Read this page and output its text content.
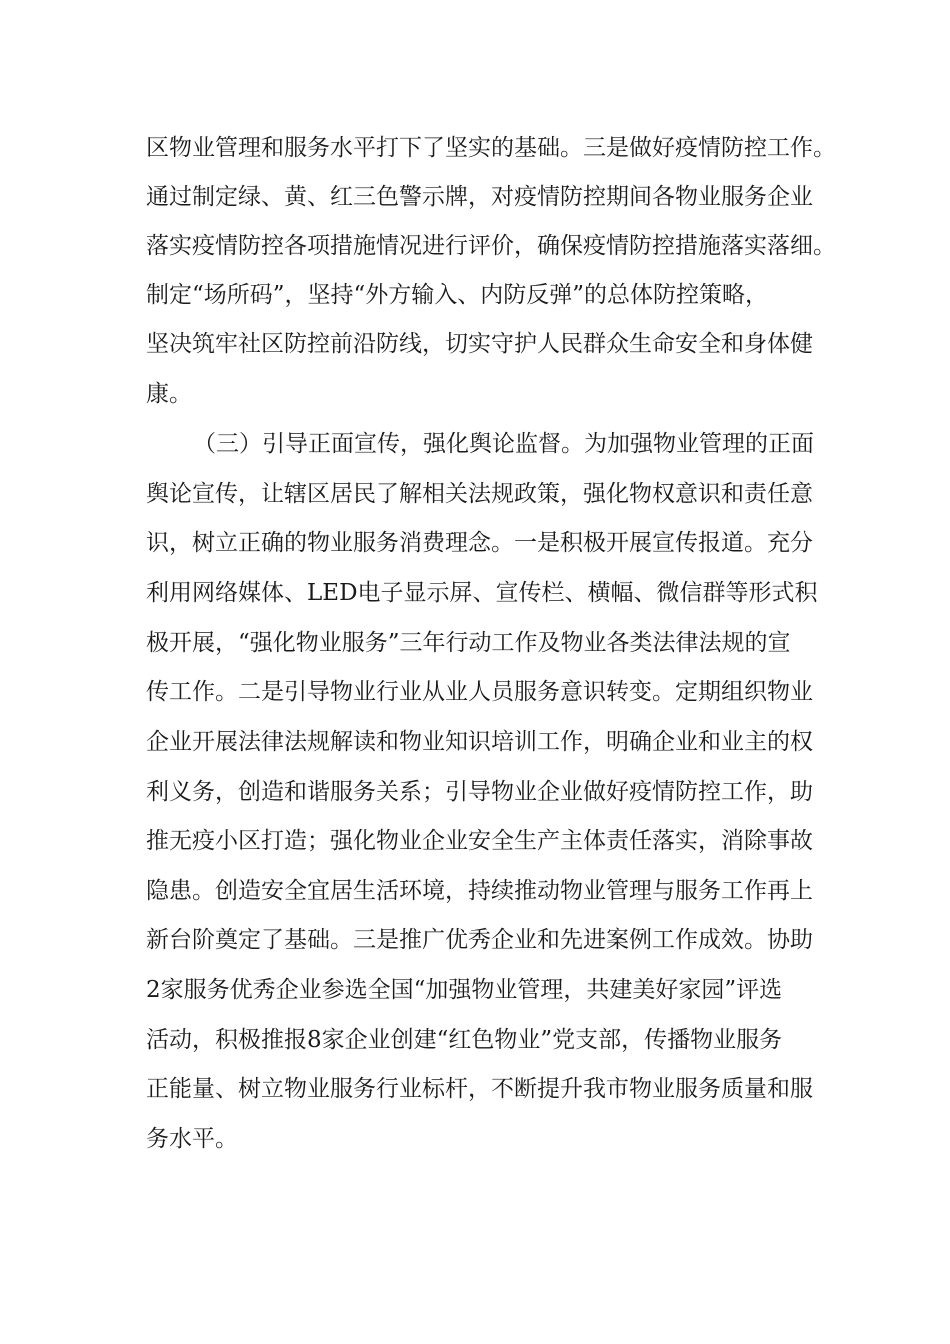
区物业管理和服务水平打下了坚实的基础。三是做好疫情防控工作。
通过制定绿、黄、红三色警示牌，对疫情防控期间各物业服务企业
落实疫情防控各项措施情况进行评价，确保疫情防控措施落实落细。
制定“场所码”，坚持“外方输入、内防反弹”的总体防控策略，
坚决筑牢社区防控前沿防线，切实守护人民群众生命安全和身体健
康。
（三）引导正面宣传，强化舆论监督。为加强物业管理的正面
舆论宣传，让辖区居民了解相关法规政策，强化物权意识和责任意
识，树立正确的物业服务消费理念。一是积极开展宣传报道。充分
利用网络媒体、LED电子显示屏、宣传栏、横幅、微信群等形式积
极开展，“强化物业服务”三年行动工作及物业各类法律法规的宣
传工作。二是引导物业行业从业人员服务意识转变。定期组织物业
企业开展法律法规解读和物业知识培训工作，明确企业和业主的权
利义务，创造和谐服务关系；引导物业企业做好疫情防控工作，助
推无疫小区打造；强化物业企业安全生产主体责任落实，消除事故
隐患。创造安全宜居生活环境，持续推动物业管理与服务工作再上
新台阶奠定了基础。三是推广优秀企业和先进案例工作成效。协助
2家服务优秀企业参选全国“加强物业管理，共建美好家园”评选
活动，积极推报8家企业创建“红色物业”党支部，传播物业服务
正能量、树立物业服务行业标杆，不断提升我市物业服务质量和服
务水平。
